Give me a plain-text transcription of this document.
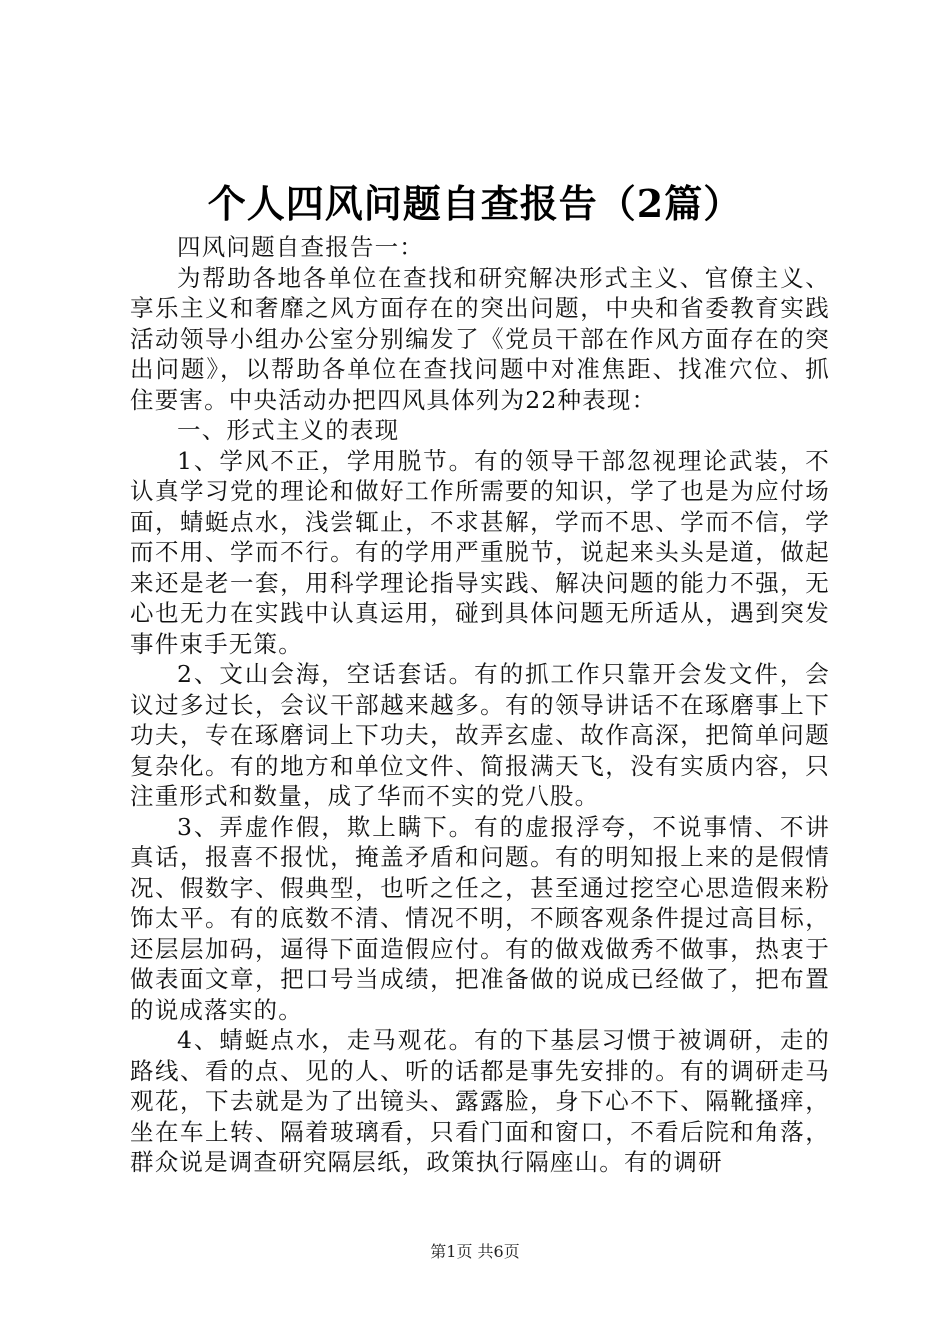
个人四风问题自查报告（2篇）

四风问题自查报告一：

为帮助各地各单位在查找和研究解决形式主义、官僚主义、享乐主义和奢靡之风方面存在的突出问题，中央和省委教育实践活动领导小组办公室分别编发了《党员干部在作风方面存在的突出问题》，以帮助各单位在查找问题中对准焦距、找准穴位、抓住要害。中央活动办把四风具体列为22种表现：

一、形式主义的表现

1、学风不正，学用脱节。有的领导干部忽视理论武装，不认真学习党的理论和做好工作所需要的知识，学了也是为应付场面，蜻蜓点水，浅尝辄止，不求甚解，学而不思、学而不信，学而不用、学而不行。有的学用严重脱节，说起来头头是道，做起来还是老一套，用科学理论指导实践、解决问题的能力不强，无心也无力在实践中认真运用，碰到具体问题无所适从，遇到突发事件束手无策。

2、文山会海，空话套话。有的抓工作只靠开会发文件，会议过多过长，会议干部越来越多。有的领导讲话不在琢磨事上下功夫，专在琢磨词上下功夫，故弄玄虚、故作高深，把简单问题复杂化。有的地方和单位文件、简报满天飞，没有实质内容，只注重形式和数量，成了华而不实的党八股。

3、弄虚作假，欺上瞒下。有的虚报浮夸，不说事情、不讲真话，报喜不报忧，掩盖矛盾和问题。有的明知报上来的是假情况、假数字、假典型，也听之任之，甚至通过挖空心思造假来粉饰太平。有的底数不清、情况不明，不顾客观条件提过高目标，还层层加码，逼得下面造假应付。有的做戏做秀不做事，热衷于做表面文章，把口号当成绩，把准备做的说成已经做了，把布置的说成落实的。

4、蜻蜓点水，走马观花。有的下基层习惯于被调研，走的路线、看的点、见的人、听的话都是事先安排的。有的调研走马观花，下去就是为了出镜头、露露脸，身下心不下、隔靴搔痒，坐在车上转、隔着玻璃看，只看门面和窗口，不看后院和角落，群众说是调查研究隔层纸，政策执行隔座山。有的调研

第1页 共6页
